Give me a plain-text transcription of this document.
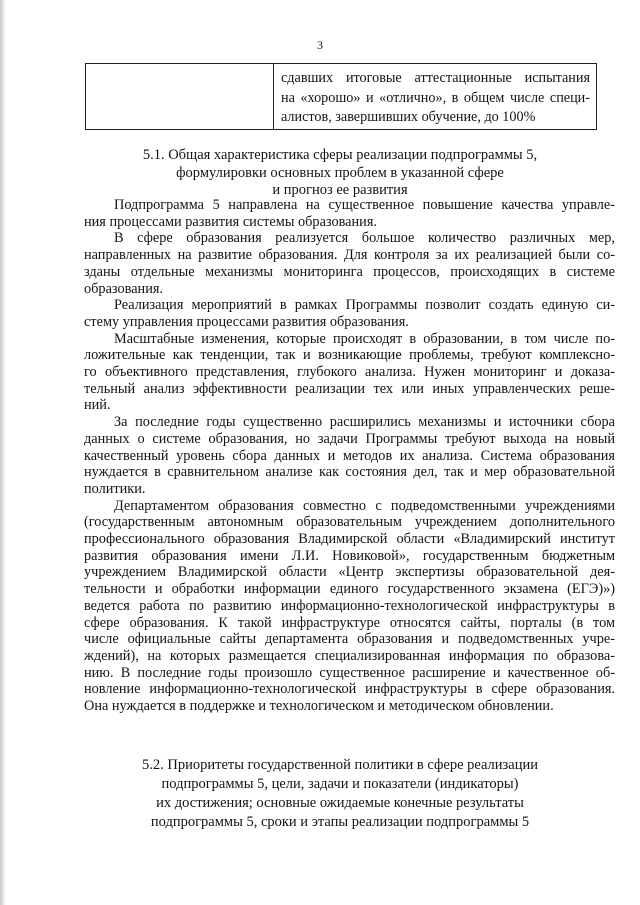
3
сдавших итоговые аттестационные испытания
на «хорошо» и «отлично», в общем числе специ-
алистов, завершивших обучение, до 100%
5.1. Общая характеристика сферы реализации подпрограммы 5,
формулировки основных проблем в указанной сфере
и прогноз ее развития

Подпрограмма 5 направлена на существенное повышение качества управле-
ния процессами развития системы образования.

В сфере образования реализуется большое количество различных мер,
направленных на развитие образования. Для контроля за их реализацией были со-
зданы отдельные механизмы мониторинга процессов, происходящих в системе
образования.

Реализация мероприятий в рамках Программы позволит создать единую си-
стему управления процессами развития образования.

Масштабные изменения, которые происходят в образовании, в том числе по-
ложительные как тенденции, так и возникающие проблемы, требуют комплексно-
го объективного представления, глубокого анализа. Нужен мониторинг и доказа-
тельный анализ эффективности реализации тех или иных управленческих реше-
ний.

За последние годы существенно расширились механизмы и источники сбора
данных о системе образования, но задачи Программы требуют выхода на новый
качественный уровень сбора данных и методов их анализа. Система образования
нуждается в сравнительном анализе как состояния дел, так и мер образовательной
политики.

Департаментом образования совместно с подведомственными учреждениями
(государственным автономным образовательным учреждением дополнительного
профессионального образования Владимирской области «Владимирский институт
развития образования имени Л.И. Новиковой», государственным бюджетным
учреждением Владимирской области «Центр экспертизы образовательной дея-
тельности и обработки информации единого государственного экзамена (ЕГЭ)»)
ведется работа по развитию информационно-технологической инфраструктуры в
сфере образования. К такой инфраструктуре относятся сайты, порталы (в том
числе официальные сайты департамента образования и подведомственных учре-
ждений), на которых размещается специализированная информация по образова-
нию. В последние годы произошло существенное расширение и качественное об-
новление информационно-технологической инфраструктуры в сфере образования.
Она нуждается в поддержке и технологическом и методическом обновлении.

5.2. Приоритеты государственной политики в сфере реализации
подпрограммы 5, цели, задачи и показатели (индикаторы)
их достижения; основные ожидаемые конечные результаты
подпрограммы 5, сроки и этапы реализации подпрограммы 5
